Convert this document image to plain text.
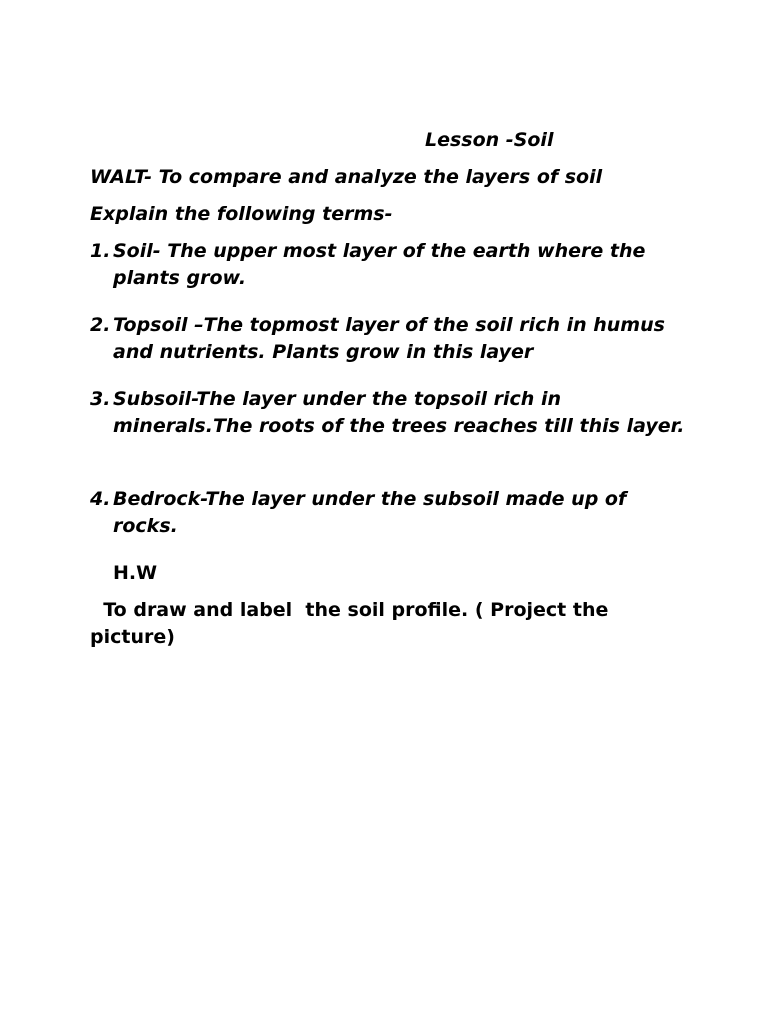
Lesson -Soil
WALT- To compare and analyze the layers of soil
Explain the following terms-
1. Soil- The upper most layer of the earth where the plants grow.
2. Topsoil –The topmost layer of the soil rich in humus and nutrients. Plants grow in this layer
3. Subsoil-The layer under the topsoil rich in minerals.The roots of the trees reaches till this layer.
4. Bedrock-The layer under the subsoil made up of rocks.
H.W
To draw and label  the soil profile. ( Project the picture)
